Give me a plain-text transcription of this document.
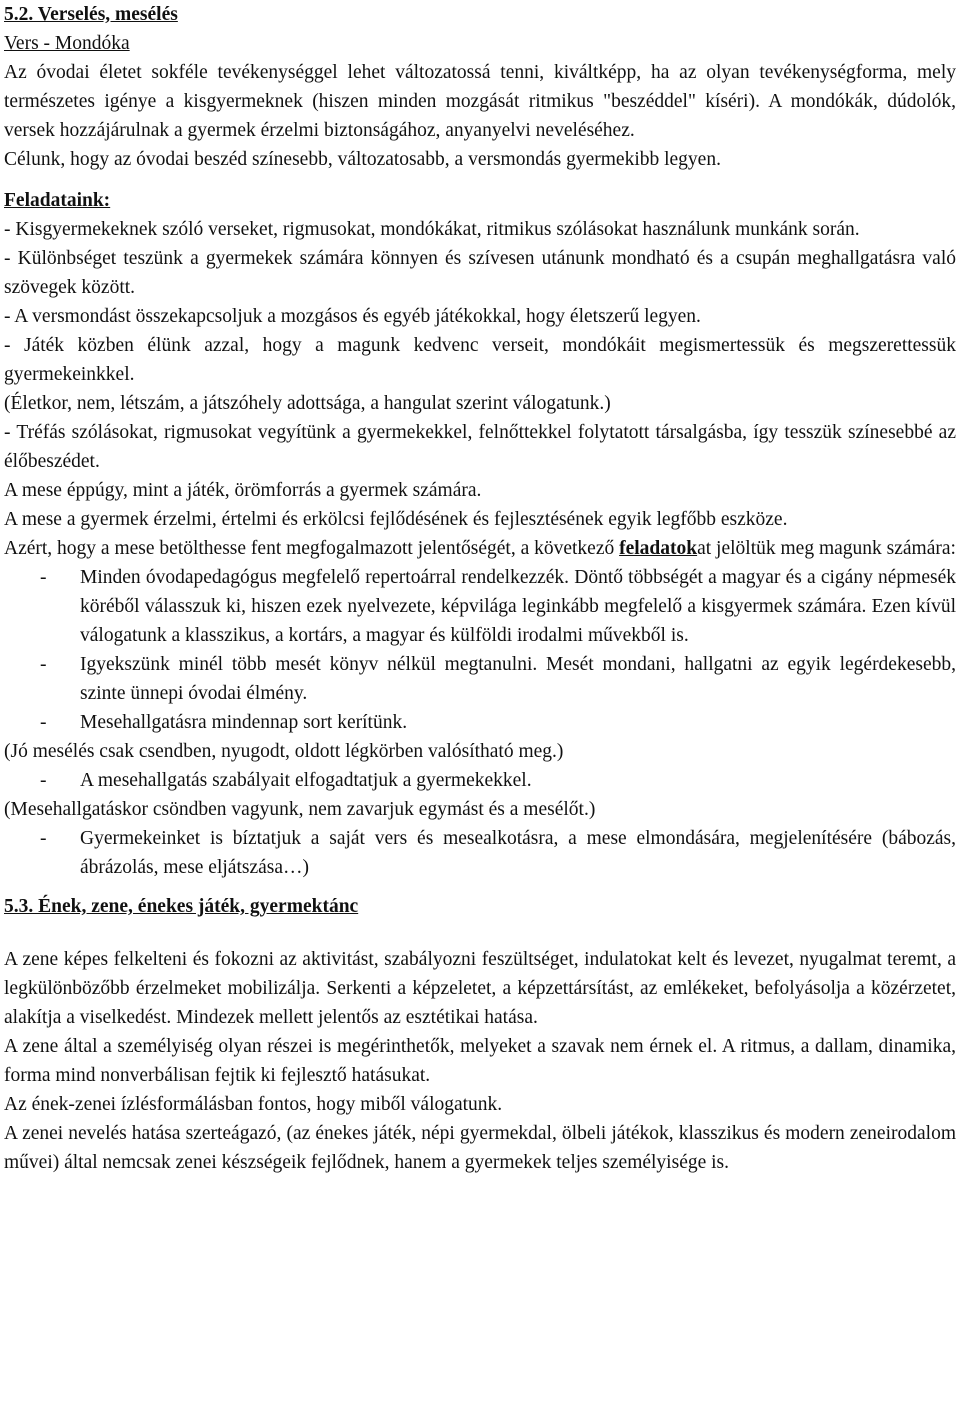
5.2. Verselés, mesélés

Vers - Mondóka

Az óvodai életet sokféle tevékenységgel lehet változatossá tenni, kiváltképp, ha az olyan tevékenységforma, mely természetes igénye a kisgyermeknek (hiszen minden mozgását ritmikus "beszéddel" kíséri). A mondókák, dúdolók, versek hozzájárulnak a gyermek érzelmi biztonságához, anyanyelvi neveléséhez.

Célunk, hogy az óvodai beszéd színesebb, változatosabb, a versmondás gyermekibb legyen.

Feladataink:

- Kisgyermekeknek szóló verseket, rigmusokat, mondókákat, ritmikus szólásokat használunk munkánk során.

- Különbséget teszünk a gyermekek számára könnyen és szívesen utánunk mondható és a csupán meghallgatásra való szövegek között.

- A versmondást összekapcsoljuk a mozgásos és egyéb játékokkal, hogy életszerű legyen.

- Játék közben élünk azzal, hogy a magunk kedvenc verseit, mondókáit megismertessük és megszerettessük gyermekeinkkel.

(Életkor, nem, létszám, a játszóhely adottsága, a hangulat szerint válogatunk.)

- Tréfás szólásokat, rigmusokat vegyítünk a gyermekekkel, felnőttekkel folytatott társalgásba, így tesszük színesebbé az élőbeszédet.

A mese éppúgy, mint a játék, örömforrás a gyermek számára.

A mese a gyermek érzelmi, értelmi és erkölcsi fejlődésének és fejlesztésének egyik legfőbb eszköze.

Azért, hogy a mese betölthesse fent megfogalmazott jelentőségét, a következő feladatokat jelöltük meg magunk számára:

- Minden óvodapedagógus megfelelő repertoárral rendelkezzék. Döntő többségét a magyar és a cigány népmesék köréből válasszuk ki, hiszen ezek nyelvezete, képvilága leginkább megfelelő a kisgyermek számára. Ezen kívül válogatunk a klasszikus, a kortárs, a magyar és külföldi irodalmi művekből is.
- Igyekszünk minél több mesét könyv nélkül megtanulni. Mesét mondani, hallgatni az egyik legérdekesebb, szinte ünnepi óvodai élmény.
- Mesehallgatásra mindennap sort kerítünk.

(Jó mesélés csak csendben, nyugodt, oldott légkörben valósítható meg.)

- A mesehallgatás szabályait elfogadtatjuk a gyermekekkel.

(Mesehallgatáskor csöndben vagyunk, nem zavarjuk egymást és a mesélőt.)

- Gyermekeinket is bíztatjuk a saját vers és mesealkotásra, a mese elmondására, megjelenítésére (bábozás, ábrázolás, mese eljátszása…)

5.3. Ének, zene, énekes játék, gyermektánc

A zene képes felkelteni és fokozni az aktivitást, szabályozni feszültséget, indulatokat kelt és levezet, nyugalmat teremt, a legkülönbözőbb érzelmeket mobilizálja. Serkenti a képzeletet, a képzettársítást, az emlékeket, befolyásolja a közérzetet, alakítja a viselkedést. Mindezek mellett jelentős az esztétikai hatása.

A zene által a személyiség olyan részei is megérinthetők, melyeket a szavak nem érnek el. A ritmus, a dallam, dinamika, forma mind nonverbálisan fejtik ki fejlesztő hatásukat.

Az ének-zenei ízlésformálásban fontos, hogy miből válogatunk.

A zenei nevelés hatása szerteágazó, (az énekes játék, népi gyermekdal, ölbeli játékok, klasszikus és modern zeneirodalom művei) által nemcsak zenei készségeik fejlődnek, hanem a gyermekek teljes személyisége is.
